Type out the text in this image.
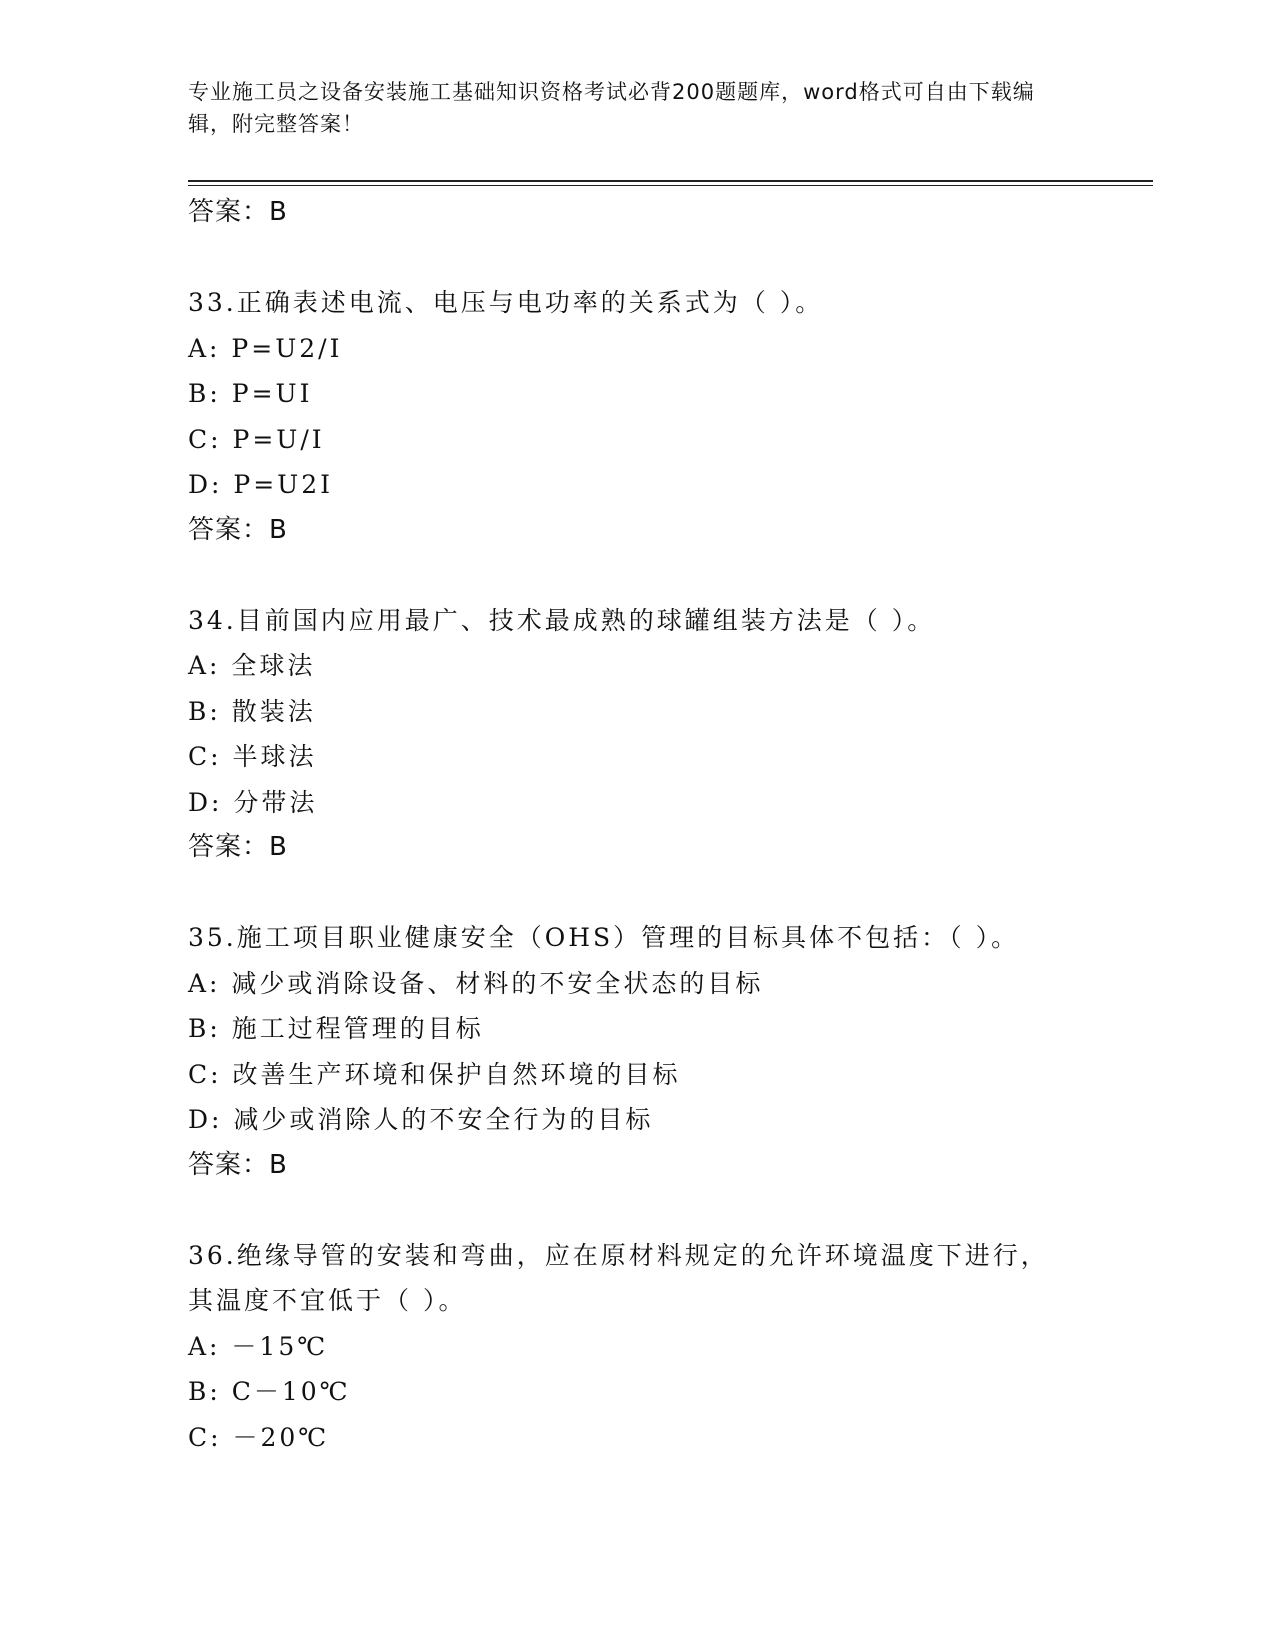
专业施工员之设备安装施工基础知识资格考试必背200题题库，word格式可自由下载编辑，附完整答案！
答案：B
33.正确表述电流、电压与电功率的关系式为（ ）。
A: P=U2/I
B: P=UI
C: P=U/I
D: P=U2I
答案：B
34.目前国内应用最广、技术最成熟的球罐组装方法是（ ）。
A: 全球法
B: 散装法
C: 半球法
D: 分带法
答案：B
35.施工项目职业健康安全（OHS）管理的目标具体不包括：（ ）。
A: 减少或消除设备、材料的不安全状态的目标
B: 施工过程管理的目标
C: 改善生产环境和保护自然环境的目标
D: 减少或消除人的不安全行为的目标
答案：B
36.绝缘导管的安装和弯曲，应在原材料规定的允许环境温度下进行，
其温度不宜低于（ ）。
A: －15℃
B: C－10℃
C: －20℃
